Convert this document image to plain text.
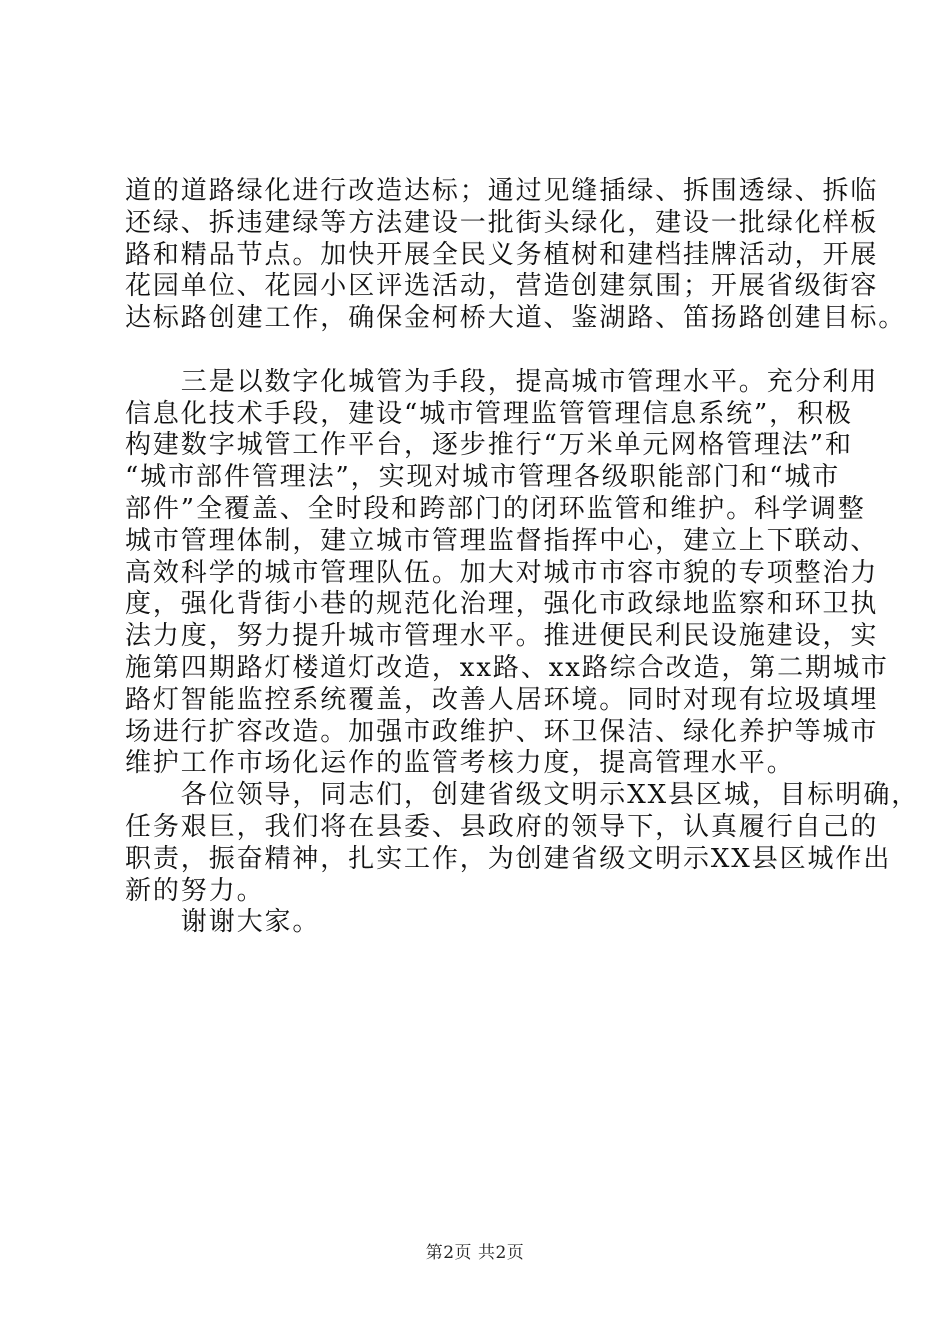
道的道路绿化进行改造达标；通过见缝插绿、拆围透绿、拆临
还绿、拆违建绿等方法建设一批街头绿化，建设一批绿化样板
路和精品节点。加快开展全民义务植树和建档挂牌活动，开展
花园单位、花园小区评选活动，营造创建氛围；开展省级街容
达标路创建工作，确保金柯桥大道、鉴湖路、笛扬路创建目标。
　　三是以数字化城管为手段，提高城市管理水平。充分利用
信息化技术手段，建设“城市管理监管管理信息系统”，积极
构建数字城管工作平台，逐步推行“万米单元网格管理法”和
“城市部件管理法”，实现对城市管理各级职能部门和“城市
部件”全覆盖、全时段和跨部门的闭环监管和维护。科学调整
城市管理体制，建立城市管理监督指挥中心，建立上下联动、
高效科学的城市管理队伍。加大对城市市容市貌的专项整治力
度，强化背街小巷的规范化治理，强化市政绿地监察和环卫执
法力度，努力提升城市管理水平。推进便民利民设施建设，实
施第四期路灯楼道灯改造，xx路、xx路综合改造，第二期城市
路灯智能监控系统覆盖，改善人居环境。同时对现有垃圾填埋
场进行扩容改造。加强市政维护、环卫保洁、绿化养护等城市
维护工作市场化运作的监管考核力度，提高管理水平。
　　各位领导，同志们，创建省级文明示XX县区城，目标明确，
任务艰巨，我们将在县委、县政府的领导下，认真履行自己的
职责，振奋精神，扎实工作，为创建省级文明示XX县区城作出
新的努力。
　　谢谢大家。
第2页 共2页
